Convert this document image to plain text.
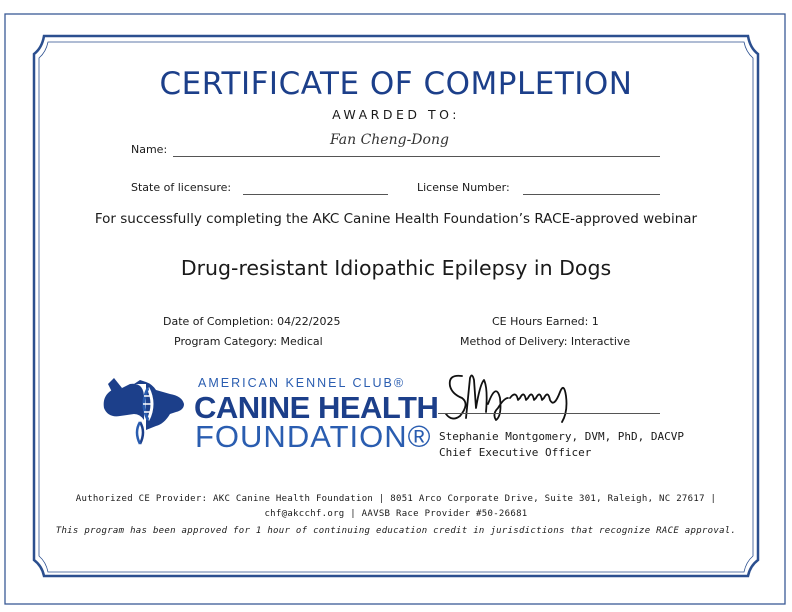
CERTIFICATE OF COMPLETION
AWARDED TO:
Name:
Fan Cheng-Dong
State of licensure:	License Number:
For successfully completing the AKC Canine Health Foundation’s RACE-approved webinar
Drug-resistant Idiopathic Epilepsy in Dogs
Date of Completion: 04/22/2025
Program Category: Medical
CE Hours Earned: 1
Method of Delivery: Interactive
AMERICAN KENNEL CLUB®
CANINE HEALTH
FOUNDATION® Stephanie Montgomery, DVM, PhD, DACVP
Chief Executive Officer
Authorized CE Provider: AKC Canine Health Foundation | 8051 Arco Corporate Drive, Suite 301, Raleigh, NC 27617 |
chf@akcchf.org | AAVSB Race Provider #50-26681
This program has been approved for 1 hour of continuing education credit in jurisdictions that recognize RACE approval.
